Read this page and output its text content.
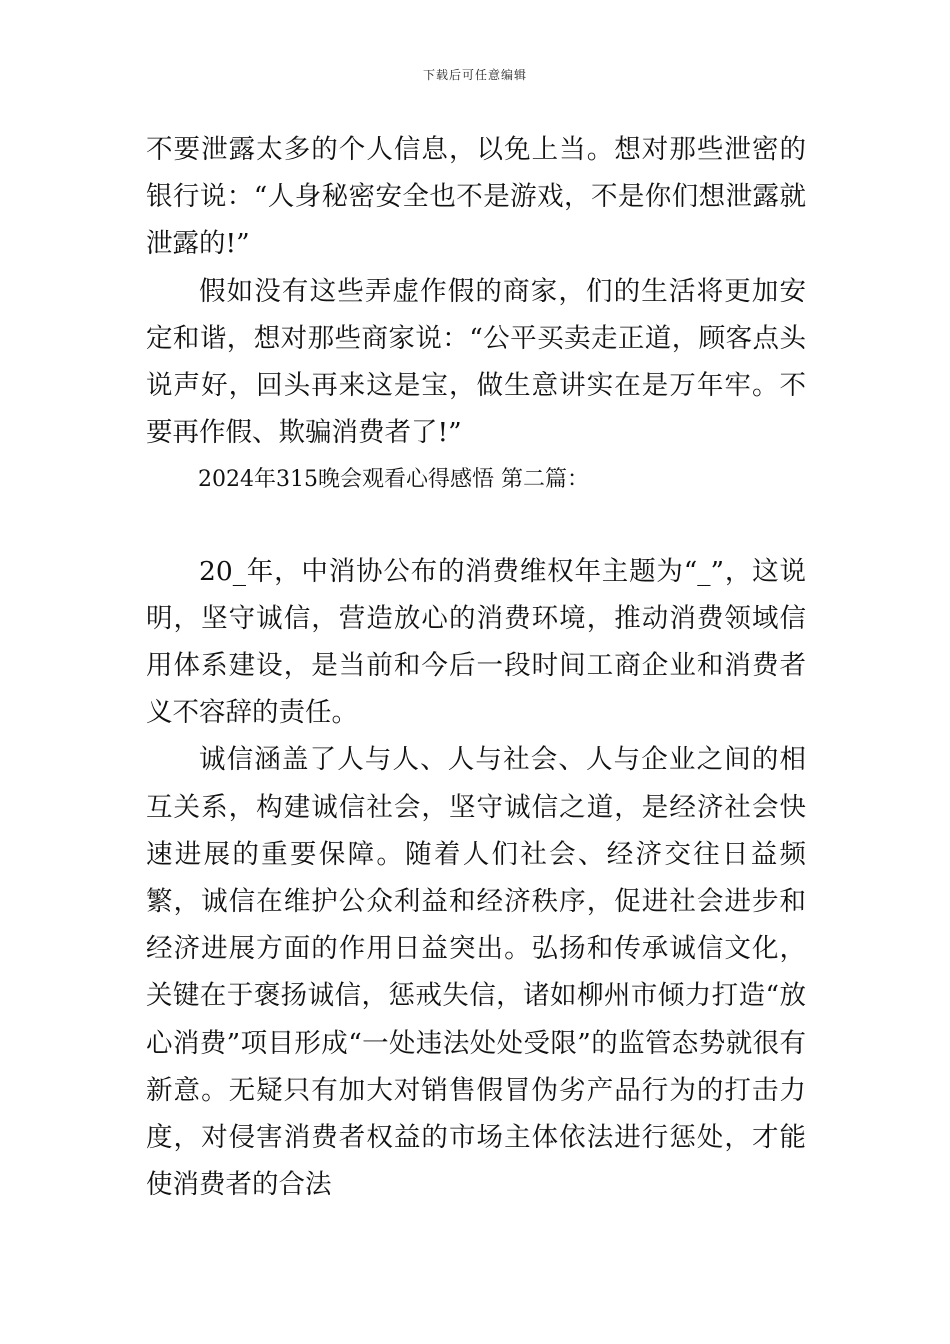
下载后可任意编辑

不要泄露太多的个人信息，以免上当。想对那些泄密的银行说：“人身秘密安全也不是游戏，不是你们想泄露就泄露的!”

假如没有这些弄虚作假的商家，们的生活将更加安定和谐，想对那些商家说：“公平买卖走正道，顾客点头说声好，回头再来这是宝，做生意讲实在是万年牢。不要再作假、欺骗消费者了!”

2024年315晚会观看心得感悟 第二篇：

20_年，中消协公布的消费维权年主题为“_”，这说明，坚守诚信，营造放心的消费环境，推动消费领域信用体系建设，是当前和今后一段时间工商企业和消费者义不容辞的责任。

诚信涵盖了人与人、人与社会、人与企业之间的相互关系，构建诚信社会，坚守诚信之道，是经济社会快速进展的重要保障。随着人们社会、经济交往日益频繁，诚信在维护公众利益和经济秩序，促进社会进步和经济进展方面的作用日益突出。弘扬和传承诚信文化，关键在于褒扬诚信，惩戒失信，诸如柳州市倾力打造“放心消费”项目形成“一处违法处处受限”的监管态势就很有新意。无疑只有加大对销售假冒伪劣产品行为的打击力度，对侵害消费者权益的市场主体依法进行惩处，才能使消费者的合法
